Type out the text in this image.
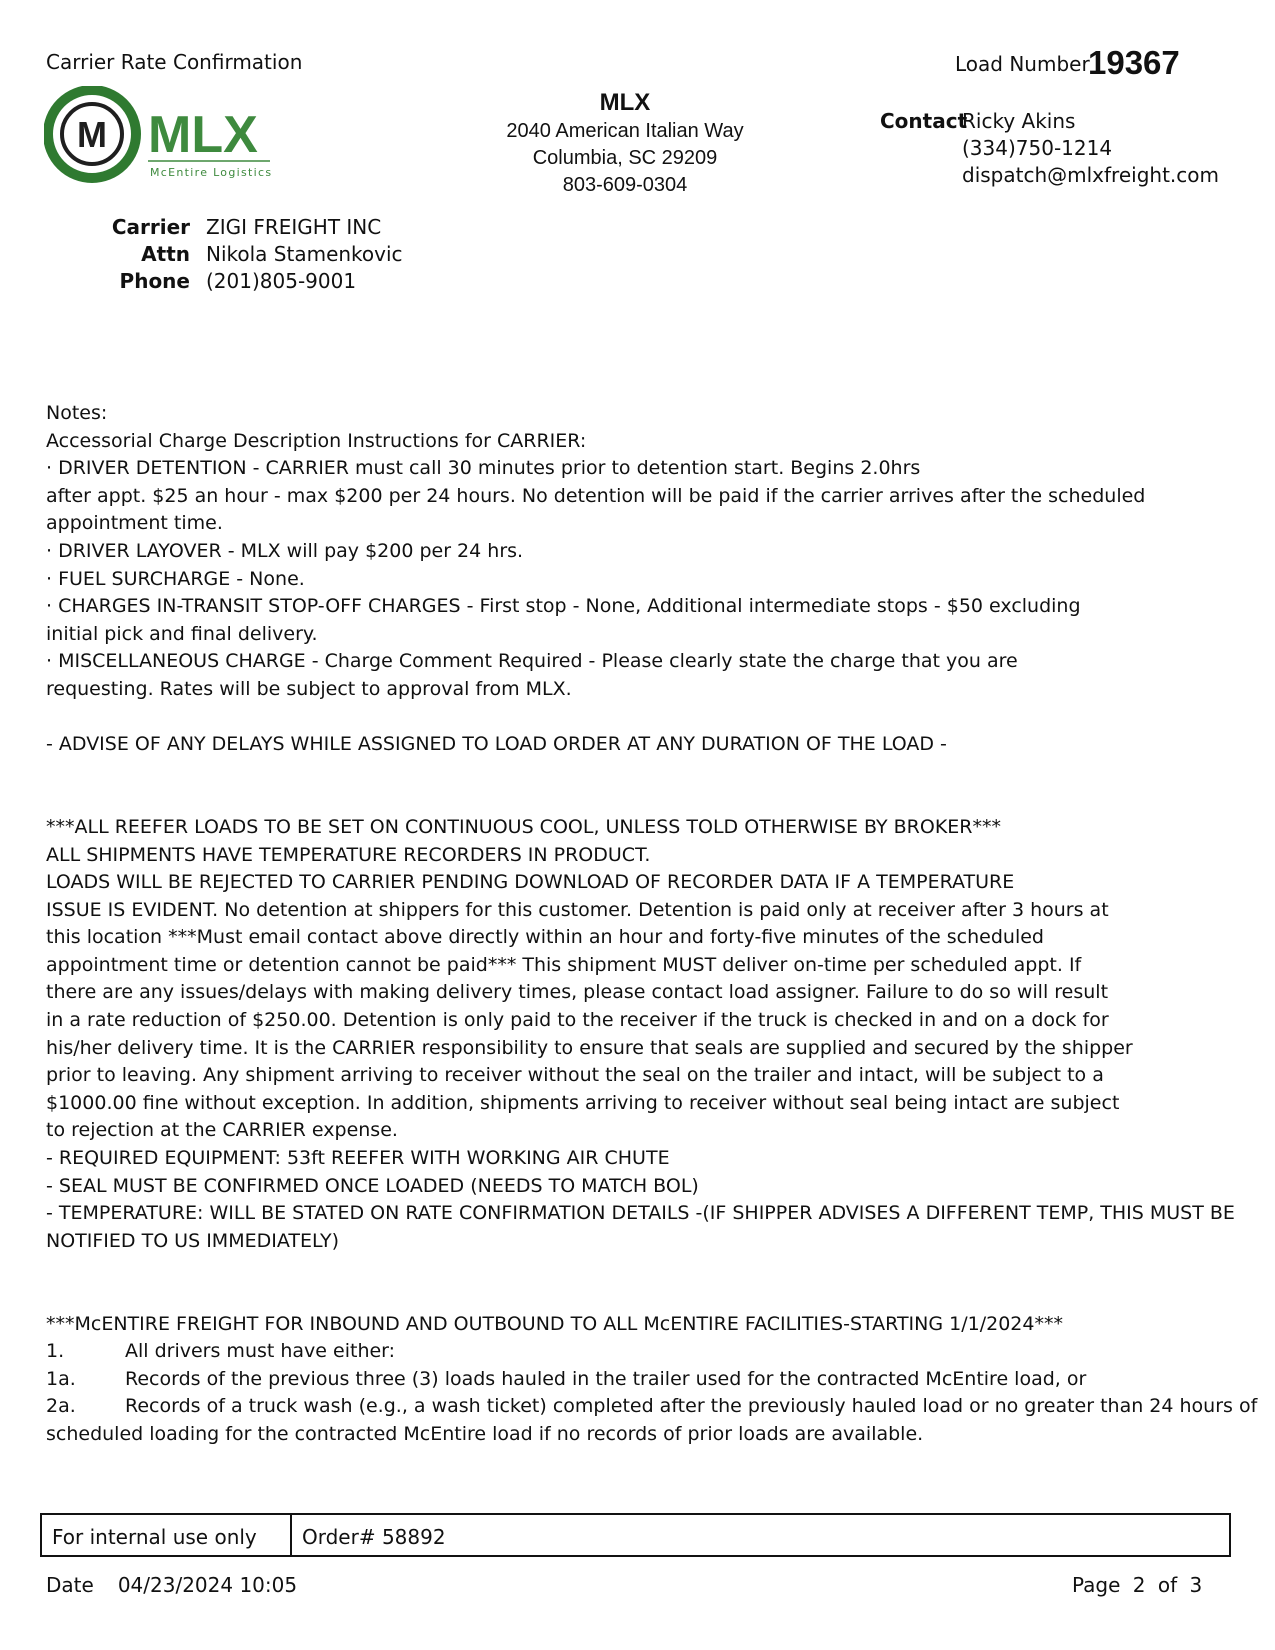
Carrier Rate Confirmation	Load Number
19367
M MLX
McEntire Logistics
MLX
2040 American Italian Way
Columbia, SC 29209
803-609-0304
Contact
Ricky Akins
(334)750-1214
dispatch@mlxfreight.com
Carrier ZIGI FREIGHT INC
Attn Nikola Stamenkovic
Phone (201)805-9001
Notes:
Accessorial Charge Description Instructions for CARRIER:
· DRIVER DETENTION - CARRIER must call 30 minutes prior to detention start. Begins 2.0hrs
after appt. $25 an hour - max $200 per 24 hours. No detention will be paid if the carrier arrives after the scheduled
appointment time.
· DRIVER LAYOVER - MLX will pay $200 per 24 hrs.
· FUEL SURCHARGE - None.
· CHARGES IN-TRANSIT STOP-OFF CHARGES - First stop - None, Additional intermediate stops - $50 excluding
initial pick and final delivery.
· MISCELLANEOUS CHARGE - Charge Comment Required - Please clearly state the charge that you are
requesting. Rates will be subject to approval from MLX.
- ADVISE OF ANY DELAYS WHILE ASSIGNED TO LOAD ORDER AT ANY DURATION OF THE LOAD -
***ALL REEFER LOADS TO BE SET ON CONTINUOUS COOL, UNLESS TOLD OTHERWISE BY BROKER***
ALL SHIPMENTS HAVE TEMPERATURE RECORDERS IN PRODUCT.
LOADS WILL BE REJECTED TO CARRIER PENDING DOWNLOAD OF RECORDER DATA IF A TEMPERATURE
ISSUE IS EVIDENT. No detention at shippers for this customer. Detention is paid only at receiver after 3 hours at
this location ***Must email contact above directly within an hour and forty-five minutes of the scheduled
appointment time or detention cannot be paid*** This shipment MUST deliver on-time per scheduled appt. If
there are any issues/delays with making delivery times, please contact load assigner. Failure to do so will result
in a rate reduction of $250.00. Detention is only paid to the receiver if the truck is checked in and on a dock for
his/her delivery time. It is the CARRIER responsibility to ensure that seals are supplied and secured by the shipper
prior to leaving. Any shipment arriving to receiver without the seal on the trailer and intact, will be subject to a
$1000.00 fine without exception. In addition, shipments arriving to receiver without seal being intact are subject
to rejection at the CARRIER expense.
- REQUIRED EQUIPMENT: 53ft REEFER WITH WORKING AIR CHUTE
- SEAL MUST BE CONFIRMED ONCE LOADED (NEEDS TO MATCH BOL)
- TEMPERATURE: WILL BE STATED ON RATE CONFIRMATION DETAILS -(IF SHIPPER ADVISES A DIFFERENT TEMP, THIS MUST BE
NOTIFIED TO US IMMEDIATELY)
***McENTIRE FREIGHT FOR INBOUND AND OUTBOUND TO ALL McENTIRE FACILITIES-STARTING 1/1/2024***
1.	All drivers must have either:
1a.	Records of the previous three (3) loads hauled in the trailer used for the contracted McEntire load, or
2a.	Records of a truck wash (e.g., a wash ticket) completed after the previously hauled load or no greater than 24 hours of
scheduled loading for the contracted McEntire load if no records of prior loads are available.
For internal use only	Order# 58892
Date 04/23/2024 10:05	Page 2 of 3
